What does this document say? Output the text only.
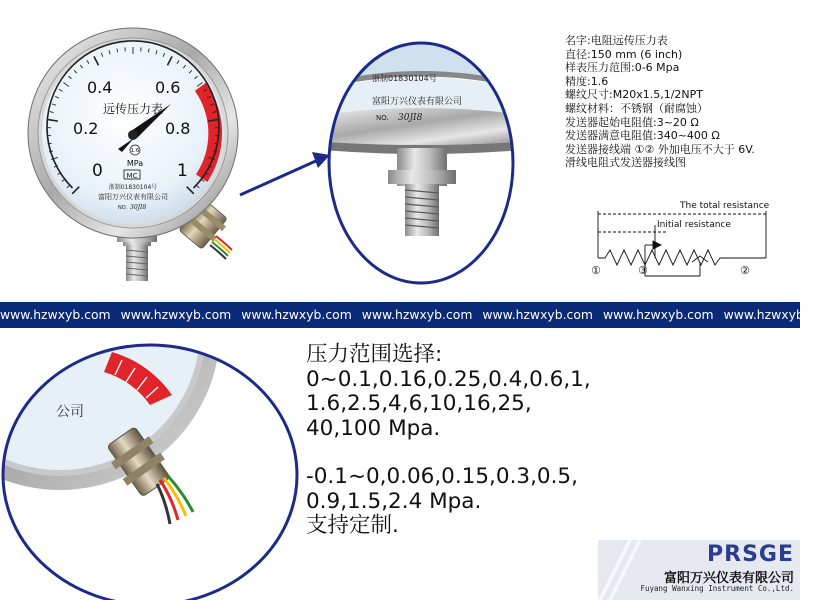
0
0.2
0.4	0.6
0.8
1
远传压力表
1.6
MPa
MC
浙制01830104号
富阳万兴仪表有限公司
NO. 30JI8
浙制01830104号
富阳万兴仪表有限公司
NO. 30JI8
The total resistance
Initial resistance
①	③	②
名字:电阻远传压力表
直径:150 mm (6 inch)
样表压力范围:0-6 Mpa
精度:1.6
螺纹尺寸:M20x1.5,1/2NPT
螺纹材料：不锈钢（耐腐蚀）
发送器起始电阻值:3~20 Ω
发送器满意电阻值:340~400 Ω
发送器接线端 ①② 外加电压不大于 6V.
滑线电阻式发送器接线图
www.hzwxyb.com www.hzwxyb.com www.hzwxyb.com www.hzwxyb.com www.hzwxyb.com www.hzwxyb.com www.hzwxyb.com
公司
压力范围选择:
0~0.1,0.16,0.25,0.4,0.6,1,
1.6,2.5,4,6,10,16,25,
40,100 Mpa.
-0.1~0,0.06,0.15,0.3,0.5,
0.9,1.5,2.4 Mpa.
支持定制.
PRSGE
富阳万兴仪表有限公司
Fuyang Wanxing Instrument Co.,Ltd.
